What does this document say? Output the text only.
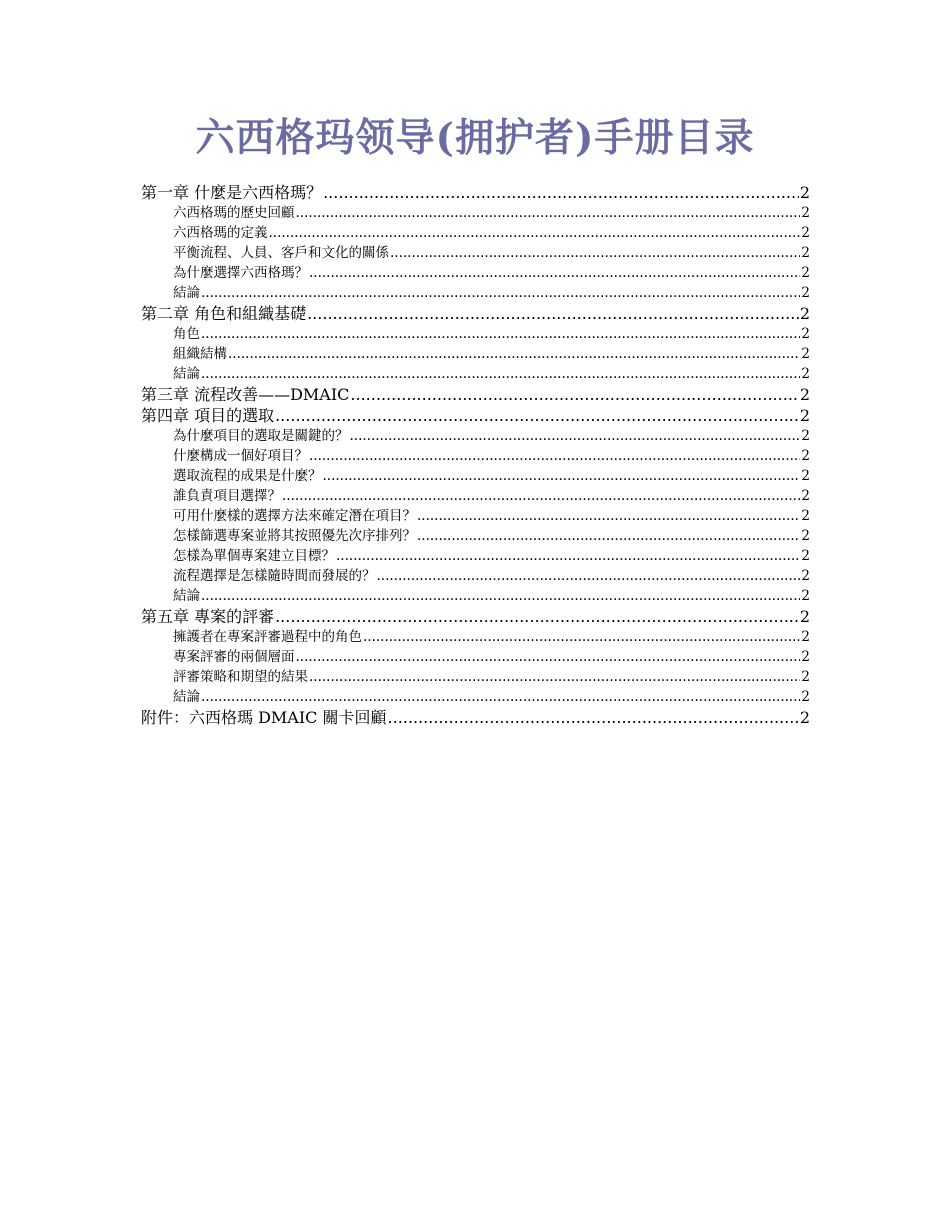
六西格玛领导(拥护者)手册目录
第一章 什麼是六西格瑪？ .....	2
六西格瑪的歷史回顧 .....	2
六西格瑪的定義 .....	2
平衡流程、人員、客戶和文化的關係 .....	2
為什麼選擇六西格瑪？ .....	2
結論 .....	2
第二章 角色和組織基礎 .....	2
角色 .....	2
組織結構 .....	2
結論 .....	2
第三章 流程改善——DMAIC .....	2
第四章 項目的選取 .....	2
為什麼項目的選取是關鍵的？ .....	2
什麼構成一個好項目？ .....	2
選取流程的成果是什麼？ .....	2
誰負責項目選擇？ .....	2
可用什麼樣的選擇方法來確定潛在項目？ .....	2
怎樣篩選專案並將其按照優先次序排列？ .....	2
怎樣為單個專案建立目標？ .....	2
流程選擇是怎樣隨時間而發展的？ .....	2
結論 .....	2
第五章 專案的評審 .....	2
擁護者在專案評審過程中的角色 .....	2
專案評審的兩個層面 .....	2
評審策略和期望的結果 .....	2
結論 .....	2
附件：六西格瑪 DMAIC 關卡回顧 .....	2
